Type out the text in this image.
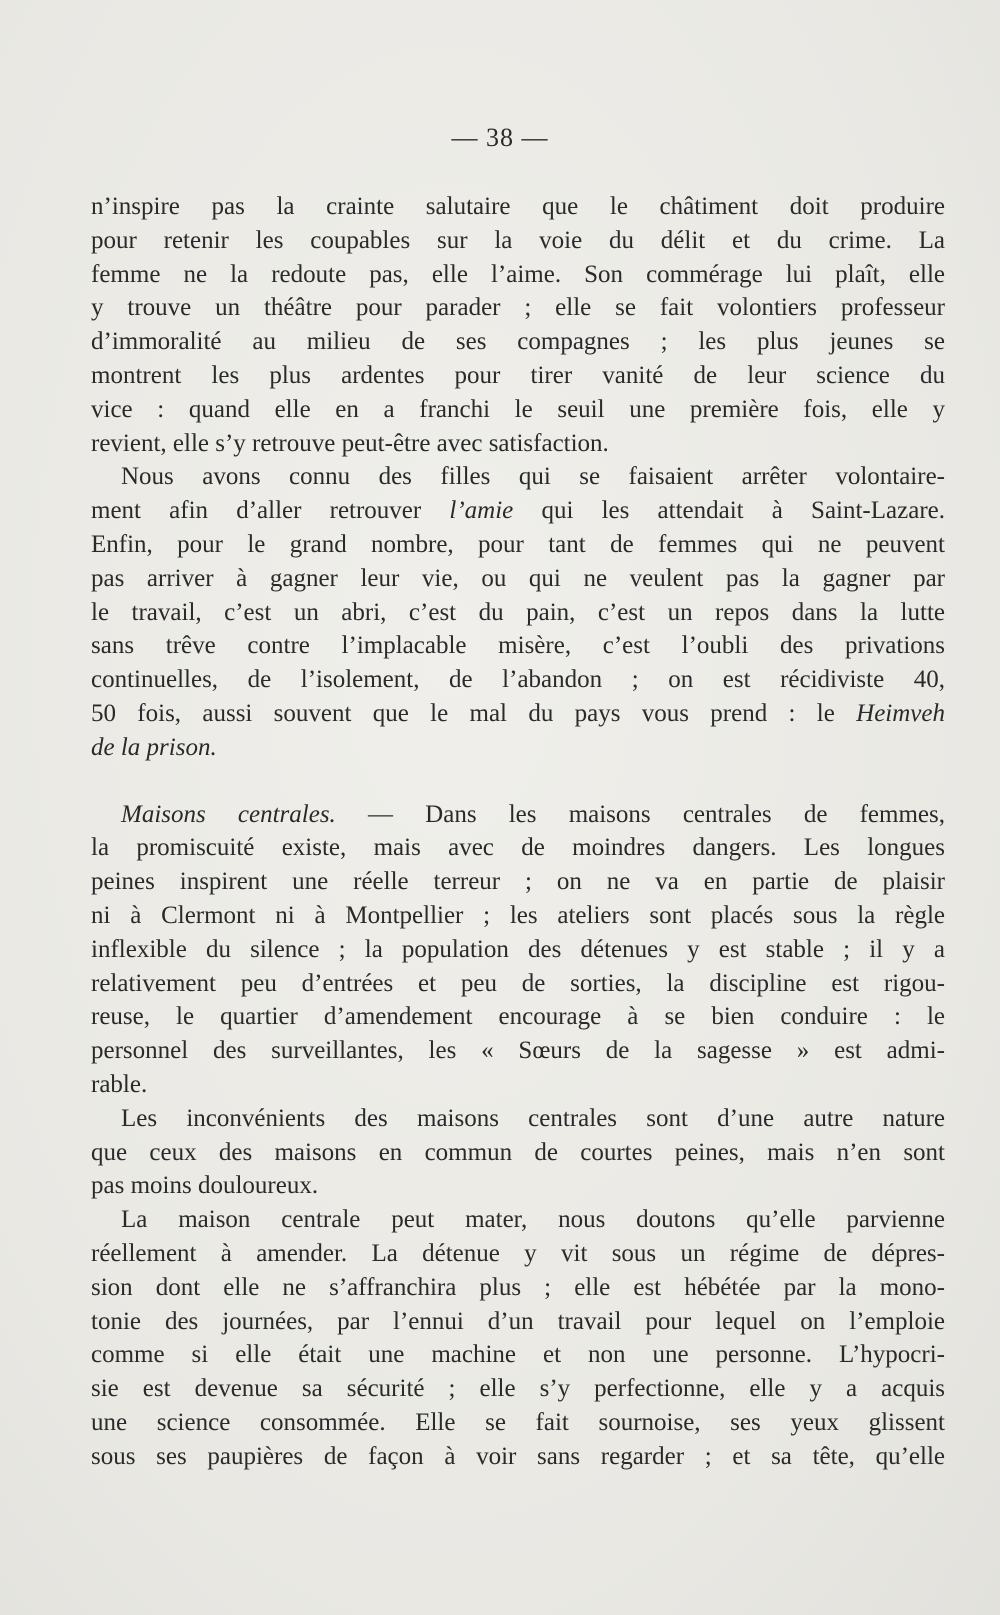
— 38 —
n’inspire pas la crainte salutaire que le châtiment doit produire
pour retenir les coupables sur la voie du délit et du crime. La
femme ne la redoute pas, elle l’aime. Son commérage lui plaît, elle
y trouve un théâtre pour parader ; elle se fait volontiers professeur
d’immoralité au milieu de ses compagnes ; les plus jeunes se
montrent les plus ardentes pour tirer vanité de leur science du
vice : quand elle en a franchi le seuil une première fois, elle y
revient, elle s’y retrouve peut-être avec satisfaction.
Nous avons connu des filles qui se faisaient arrêter volontaire-
ment afin d’aller retrouver l’amie qui les attendait à Saint-Lazare.
Enfin, pour le grand nombre, pour tant de femmes qui ne peuvent
pas arriver à gagner leur vie, ou qui ne veulent pas la gagner par
le travail, c’est un abri, c’est du pain, c’est un repos dans la lutte
sans trêve contre l’implacable misère, c’est l’oubli des privations
continuelles, de l’isolement, de l’abandon ; on est récidiviste 40,
50 fois, aussi souvent que le mal du pays vous prend : le Heimveh
de la prison.
Maisons centrales. — Dans les maisons centrales de femmes,
la promiscuité existe, mais avec de moindres dangers. Les longues
peines inspirent une réelle terreur ; on ne va en partie de plaisir
ni à Clermont ni à Montpellier ; les ateliers sont placés sous la règle
inflexible du silence ; la population des détenues y est stable ; il y a
relativement peu d’entrées et peu de sorties, la discipline est rigou-
reuse, le quartier d’amendement encourage à se bien conduire : le
personnel des surveillantes, les « Sœurs de la sagesse » est admi-
rable.
Les inconvénients des maisons centrales sont d’une autre nature
que ceux des maisons en commun de courtes peines, mais n’en sont
pas moins douloureux.
La maison centrale peut mater, nous doutons qu’elle parvienne
réellement à amender. La détenue y vit sous un régime de dépres-
sion dont elle ne s’affranchira plus ; elle est hébétée par la mono-
tonie des journées, par l’ennui d’un travail pour lequel on l’emploie
comme si elle était une machine et non une personne. L’hypocri-
sie est devenue sa sécurité ; elle s’y perfectionne, elle y a acquis
une science consommée. Elle se fait sournoise, ses yeux glissent
sous ses paupières de façon à voir sans regarder ; et sa tête, qu’elle
